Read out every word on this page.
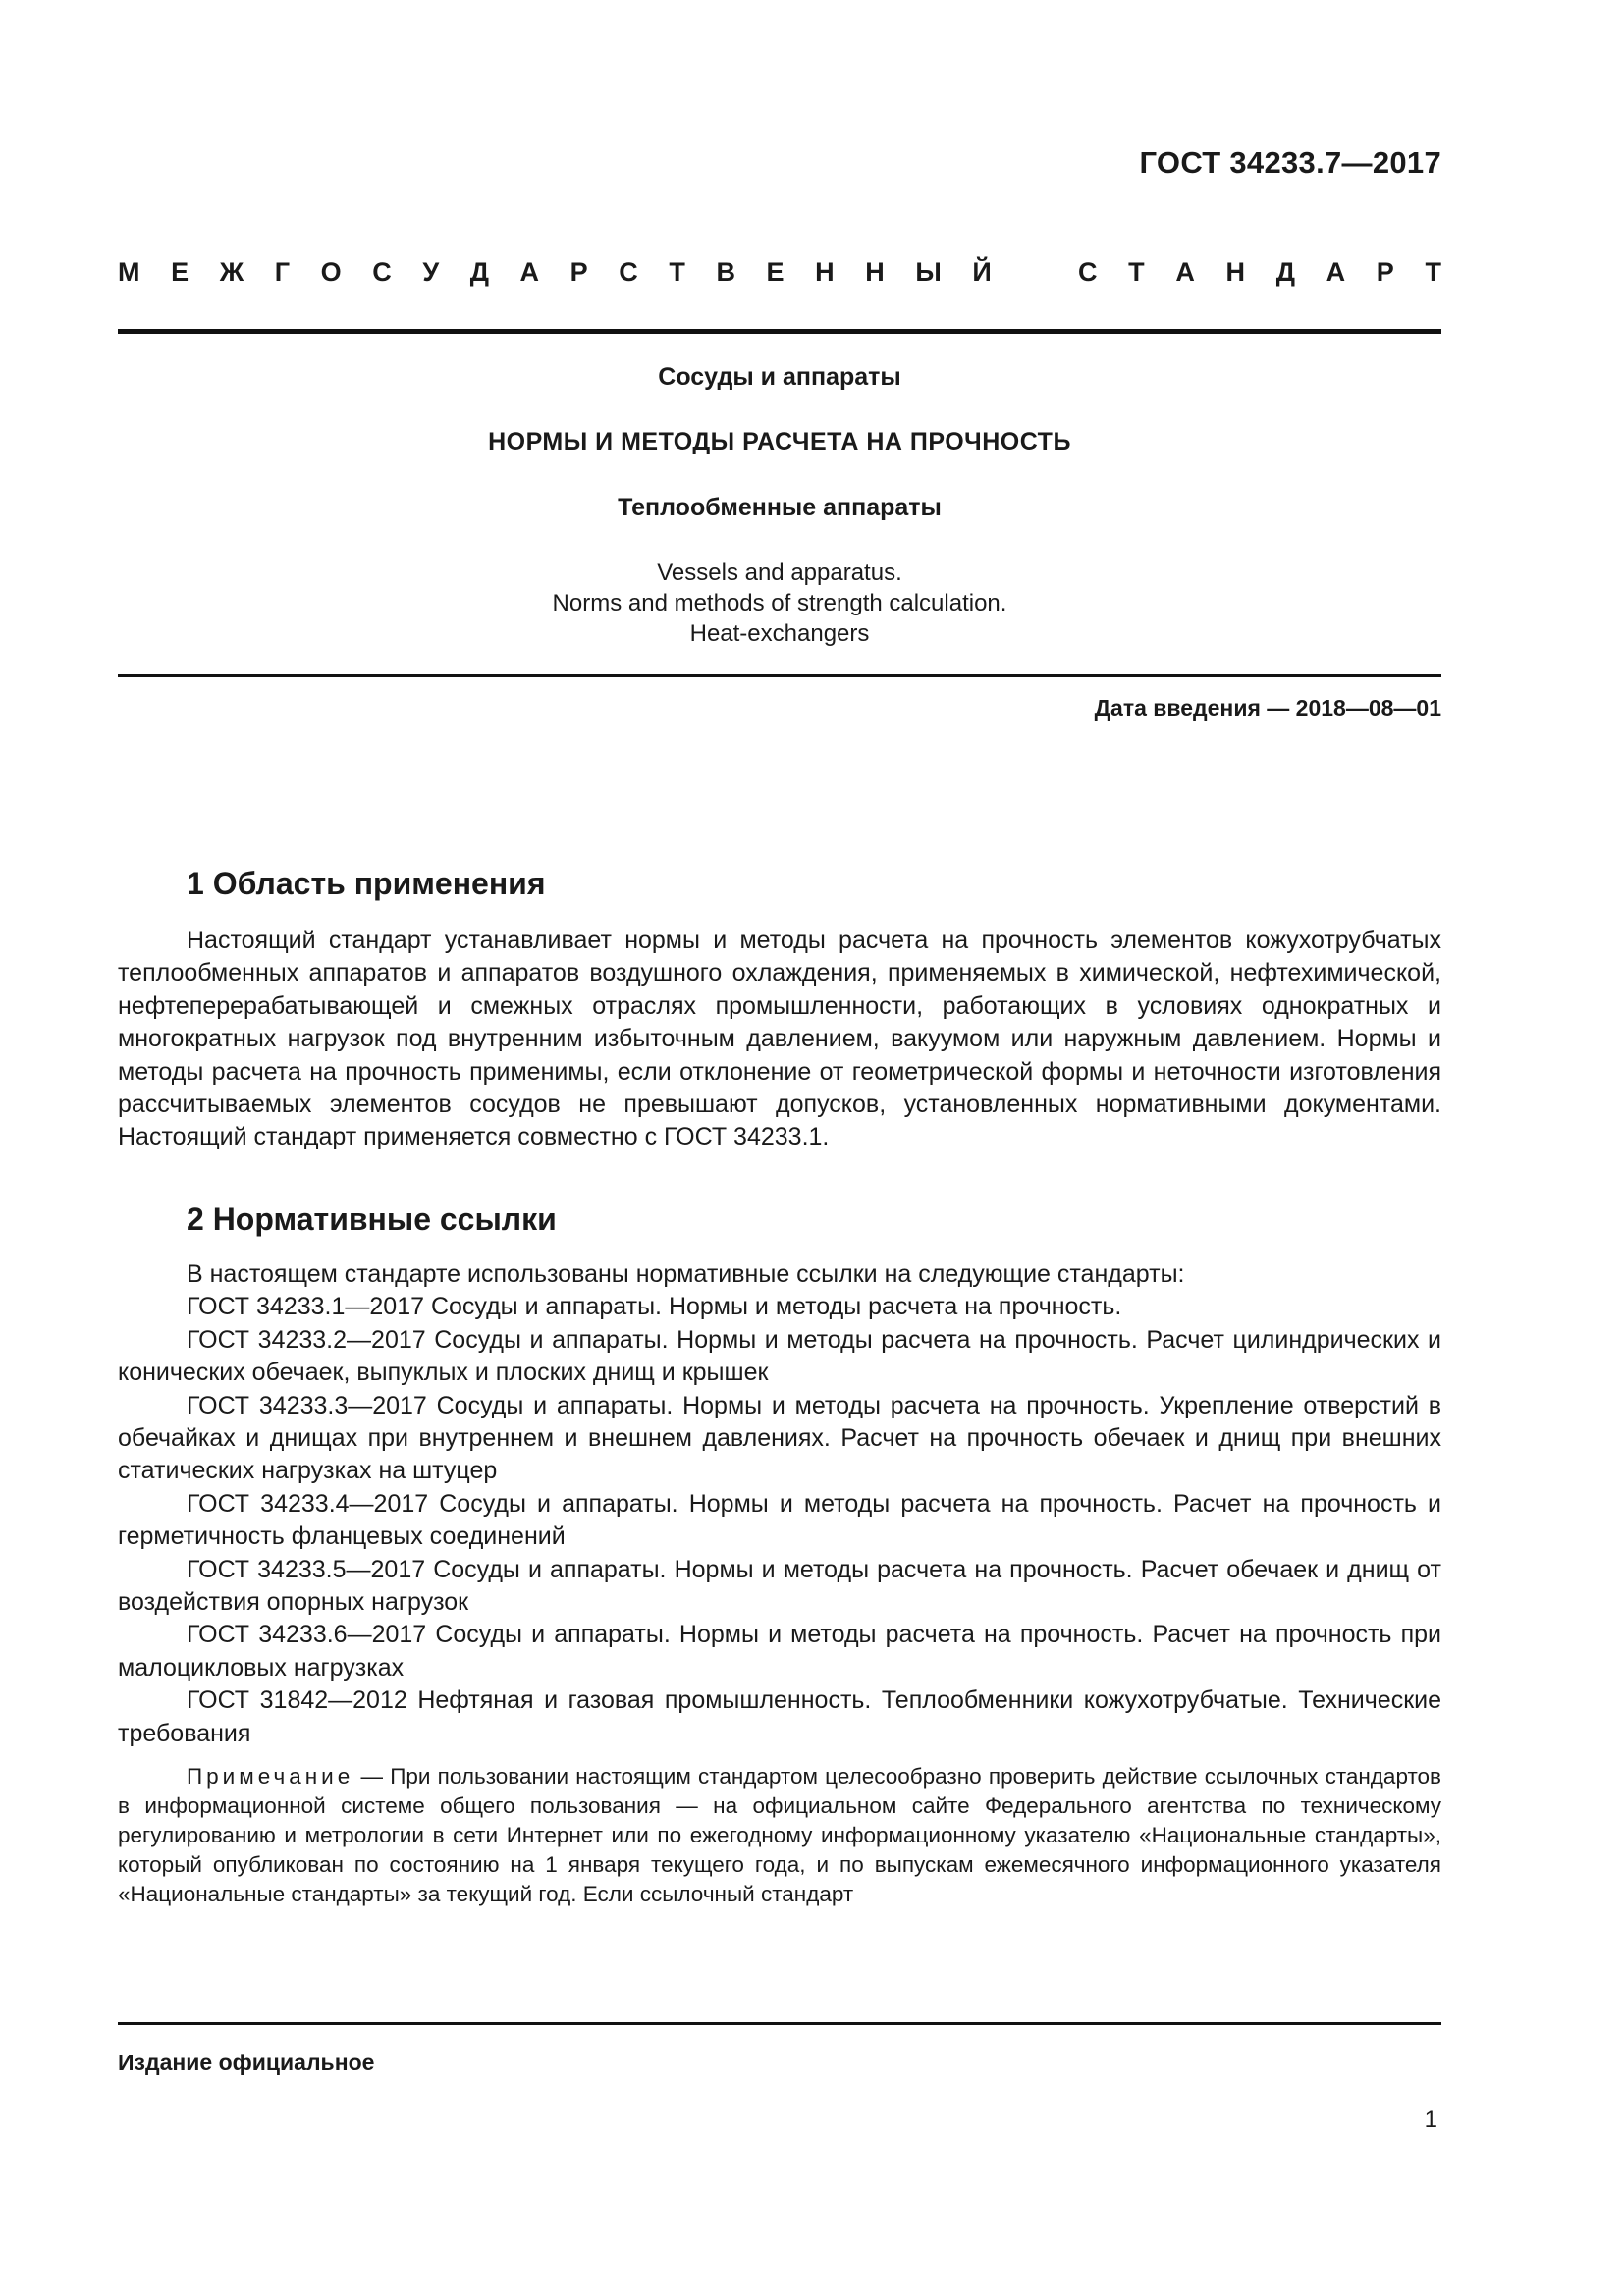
ГОСТ 34233.7—2017
М Е Ж Г О С У Д А Р С Т В Е Н Н Ы Й	С Т А Н Д А Р Т
Сосуды и аппараты
НОРМЫ И МЕТОДЫ РАСЧЕТА НА ПРОЧНОСТЬ
Теплообменные аппараты
Vessels and apparatus.
Norms and methods of strength calculation.
Heat-exchangers
Дата введения — 2018—08—01
1 Область применения

Настоящий стандарт устанавливает нормы и методы расчета на прочность элементов кожухотрубчатых теплообменных аппаратов и аппаратов воздушного охлаждения, применяемых в химической, нефтехимической, нефтеперерабатывающей и смежных отраслях промышленности, работающих в условиях однократных и многократных нагрузок под внутренним избыточным давлением, вакуумом или наружным давлением. Нормы и методы расчета на прочность применимы, если отклонение от геометрической формы и неточности изготовления рассчитываемых элементов сосудов не превышают допусков, установленных нормативными документами. Настоящий стандарт применяется совместно с ГОСТ 34233.1.

2 Нормативные ссылки

В настоящем стандарте использованы нормативные ссылки на следующие стандарты:

ГОСТ 34233.1—2017 Сосуды и аппараты. Нормы и методы расчета на прочность.

ГОСТ 34233.2—2017 Сосуды и аппараты. Нормы и методы расчета на прочность. Расчет цилиндрических и конических обечаек, выпуклых и плоских днищ и крышек

ГОСТ 34233.3—2017 Сосуды и аппараты. Нормы и методы расчета на прочность. Укрепление отверстий в обечайках и днищах при внутреннем и внешнем давлениях. Расчет на прочность обечаек и днищ при внешних статических нагрузках на штуцер

ГОСТ 34233.4—2017 Сосуды и аппараты. Нормы и методы расчета на прочность. Расчет на прочность и герметичность фланцевых соединений

ГОСТ 34233.5—2017 Сосуды и аппараты. Нормы и методы расчета на прочность. Расчет обечаек и днищ от воздействия опорных нагрузок

ГОСТ 34233.6—2017 Сосуды и аппараты. Нормы и методы расчета на прочность. Расчет на прочность при малоцикловых нагрузках

ГОСТ 31842—2012 Нефтяная и газовая промышленность. Теплообменники кожухотрубчатые. Технические требования

Примечание — При пользовании настоящим стандартом целесообразно проверить действие ссылочных стандартов в информационной системе общего пользования — на официальном сайте Федерального агентства по техническому регулированию и метрологии в сети Интернет или по ежегодному информационному указателю «Национальные стандарты», который опубликован по состоянию на 1 января текущего года, и по выпускам ежемесячного информационного указателя «Национальные стандарты» за текущий год. Если ссылочный стандарт

Издание официальное
1
